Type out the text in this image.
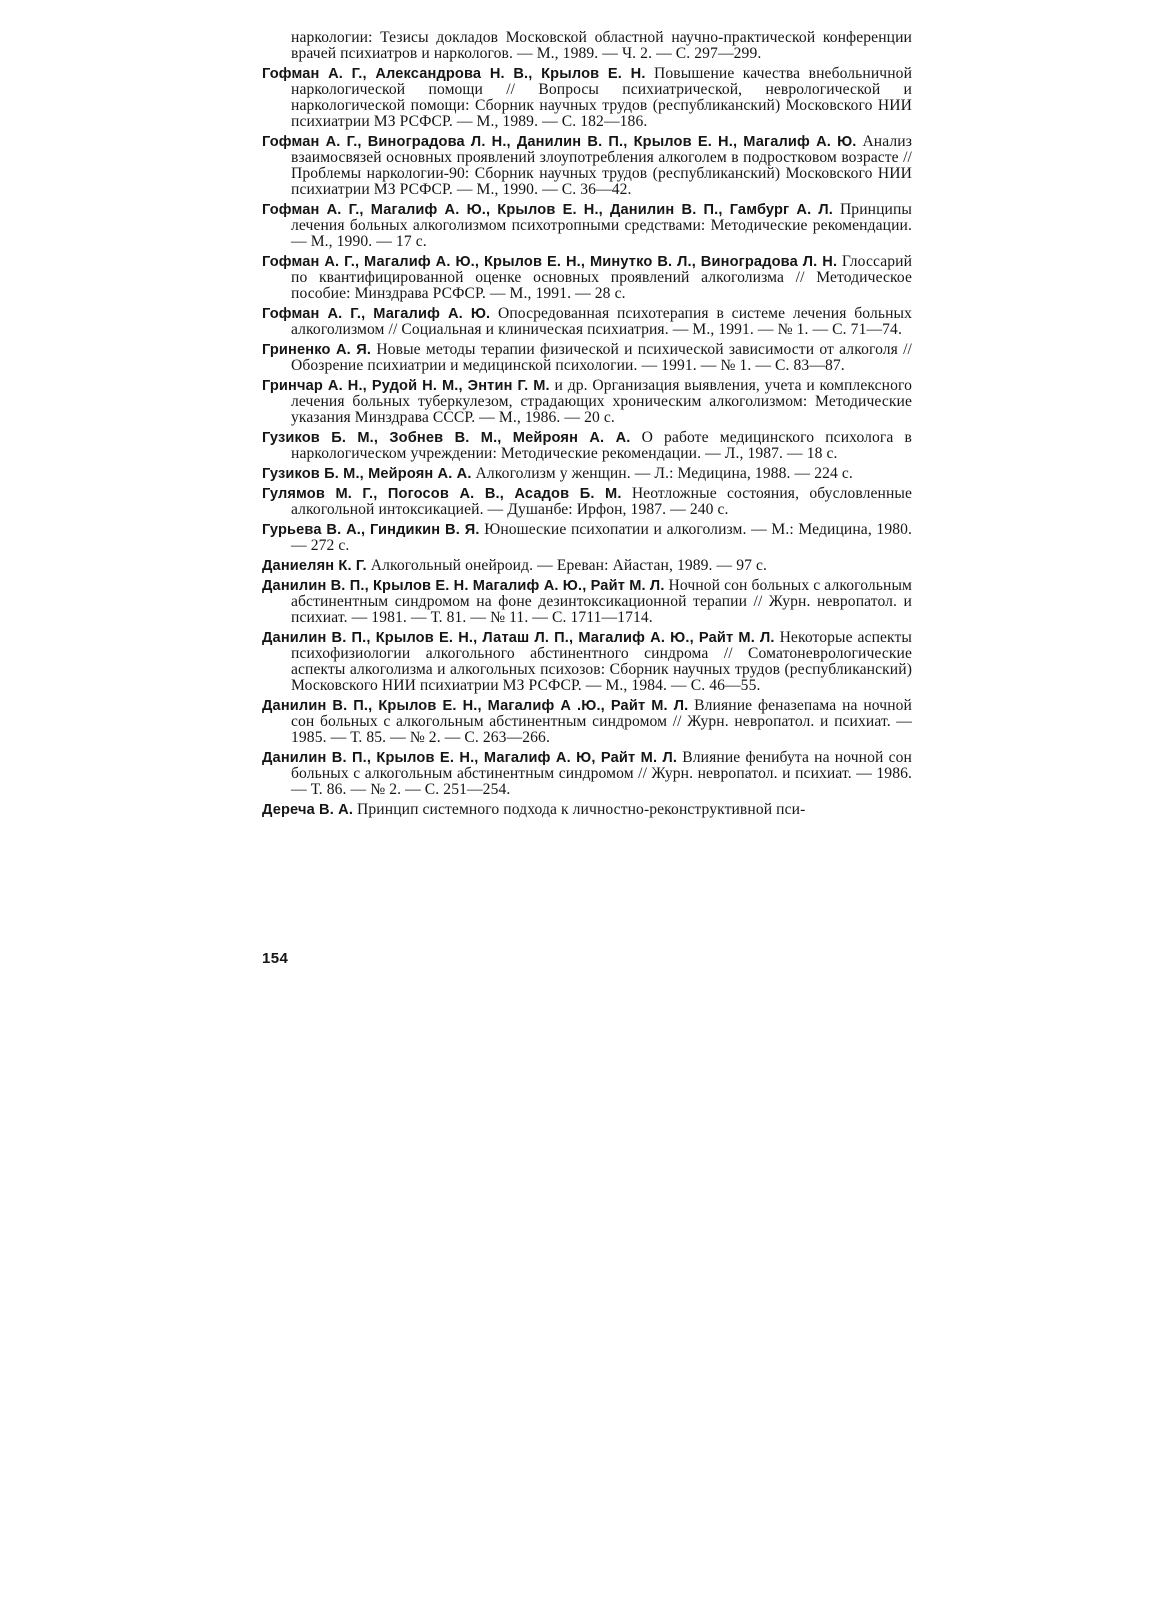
наркологии: Тезисы докладов Московской областной научно-практической конференции врачей психиатров и наркологов. — М., 1989. — Ч. 2. — С. 297—299.

Гофман А. Г., Александрова Н. В., Крылов Е. Н. Повышение качества внебольничной наркологической помощи // Вопросы психиатрической, неврологической и наркологической помощи: Сборник научных трудов (республиканский) Московского НИИ психиатрии МЗ РСФСР. — М., 1989. — С. 182—186.

Гофман А. Г., Виноградова Л. Н., Данилин В. П., Крылов Е. Н., Магалиф А. Ю. Анализ взаимосвязей основных проявлений злоупотребления алкоголем в подростковом возрасте // Проблемы наркологии-90: Сборник научных трудов (республиканский) Московского НИИ психиатрии МЗ РСФСР. — М., 1990. — С. 36—42.

Гофман А. Г., Магалиф А. Ю., Крылов Е. Н., Данилин В. П., Гамбург А. Л. Принципы лечения больных алкоголизмом психотропными средствами: Методические рекомендации. — М., 1990. — 17 с.

Гофман А. Г., Магалиф А. Ю., Крылов Е. Н., Минутко В. Л., Виноградова Л. Н. Глоссарий по квантифицированной оценке основных проявлений алкоголизма // Методическое пособие: Минздрава РСФСР. — М., 1991. — 28 с.

Гофман А. Г., Магалиф А. Ю. Опосредованная психотерапия в системе лечения больных алкоголизмом // Социальная и клиническая психиатрия. — М., 1991. — № 1. — С. 71—74.

Гриненко А. Я. Новые методы терапии физической и психической зависимости от алкоголя // Обозрение психиатрии и медицинской психологии. — 1991. — № 1. — С. 83—87.

Гринчар А. Н., Рудой Н. М., Энтин Г. М. и др. Организация выявления, учета и комплексного лечения больных туберкулезом, страдающих хроническим алкоголизмом: Методические указания Минздрава СССР. — М., 1986. — 20 с.

Гузиков Б. М., Зобнев В. М., Мейроян А. А. О работе медицинского психолога в наркологическом учреждении: Методические рекомендации. — Л., 1987. — 18 с.

Гузиков Б. М., Мейроян А. А. Алкоголизм у женщин. — Л.: Медицина, 1988. — 224 с.

Гулямов М. Г., Погосов А. В., Асадов Б. М. Неотложные состояния, обусловленные алкогольной интоксикацией. — Душанбе: Ирфон, 1987. — 240 с.

Гурьева В. А., Гиндикин В. Я. Юношеские психопатии и алкоголизм. — М.: Медицина, 1980. — 272 с.

Даниелян К. Г. Алкогольный онейроид. — Ереван: Айастан, 1989. — 97 с.

Данилин В. П., Крылов Е. Н. Магалиф А. Ю., Райт М. Л. Ночной сон больных с алкогольным абстинентным синдромом на фоне дезинтоксикационной терапии // Журн. невропатол. и психиат. — 1981. — Т. 81. — № 11. — С. 1711—1714.

Данилин В. П., Крылов Е. Н., Латаш Л. П., Магалиф А. Ю., Райт М. Л. Некоторые аспекты психофизиологии алкогольного абстинентного синдрома // Соматоневрологические аспекты алкоголизма и алкогольных психозов: Сборник научных трудов (республиканский) Московского НИИ психиатрии МЗ РСФСР. — М., 1984. — С. 46—55.

Данилин В. П., Крылов Е. Н., Магалиф А .Ю., Райт М. Л. Влияние феназепама на ночной сон больных с алкогольным абстинентным синдромом // Журн. невропатол. и психиат. — 1985. — Т. 85. — № 2. — С. 263—266.

Данилин В. П., Крылов Е. Н., Магалиф А. Ю, Райт М. Л. Влияние фенибута на ночной сон больных с алкогольным абстинентным синдромом // Журн. невропатол. и психиат. — 1986. — Т. 86. — № 2. — С. 251—254.

Дереча В. А. Принцип системного подхода к личностно-реконструктивной пси-

154
